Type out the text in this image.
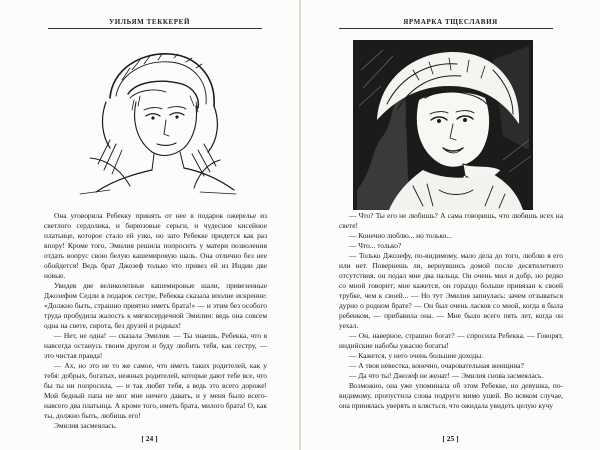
УИЛЬЯМ ТЕККЕРЕЙ

Она уговорила Ребекку принять от нее в подарок ожерелье из светлого сердолика, и бирюзовые серьги, и чудесное кисейное платьице, которое стало ей узко, но зато Ребекке придется как раз впору! Кроме того, Эмилия решила попросить у матери позволения отдать вопрус свою белую кашемировую шаль. Она отлично без нее обойдется! Ведь брат Джозеф только что привез ей из Индии две новые.

Увидев две великолепные кашемировые шали, привезенные Джозефом Седли в подарок сестре, Ребекка сказала вполне искренне: «Должно быть, страшно приятно иметь брата!» — и этим без особого труда пробудила жалость к мягкосердечной Эмилии: ведь она совсем одна на свете, сирота, без друзей и родных!

— Нет, не одна! — сказала Эмилия. — Ты знаешь, Ребекка, что я навсегда останусь твоим другом и буду любить тебя, как сестру, — это чистая правда!

— Ах, но это не то же самое, что иметь таких родителей, как у тебя: добрых, богатых, нежных родителей, которые дают тебе все, что бы ты ни попросила, — и так любят тебя, а ведь это всего дороже! Мой бедный папа не мог мне ничего давать, и у меня было всего-навсего два платьица. А кроме того, иметь брата, милого брата! О, как ты, должно быть, любишь его!

Эмилия засмеялась.

[ 24 ]
ЯРМАРКА ТЩЕСЛАВИЯ

— Что? Ты его не любишь? А сама говоришь, что любишь всех на свете!

— Конечно люблю... но только...

— Что... только?

— Только Джозефу, по-видимому, мало дела до того, люблю я его или нет. Повернешь ли, вернувшись домой после десятилетнего отсутствия, он подал мне два пальца. Он очень мил и добр, но редко со мной говорит; мне кажется, он гораздо больше привязан к своей трубке, чем к своей... — Но тут Эмилия запнулась: зачем отзываться дурно о родном брате? — Он был очень ласков со мной, когда я была ребенком, — прибавила она. — Мне было всего пять лет, когда он уехал.

— Он, наверное, страшно богат? — спросила Ребекка. — Говорят, индийские набобы ужасно богаты!

— Кажется, у него очень большие доходы.

— А твоя невестка, конечно, очаровательная женщина?

— Да что ты! Джозеф не женат! — Эмилия снова засмеялась.

Возможно, она уже упоминала об этом Ребекке, но девушка, по-видимому, пропустила слова подруги мимо ушей. Во всяком случае, она принялась уверять и клясться, что ожидала увидеть целую кучу

[ 25 ]
